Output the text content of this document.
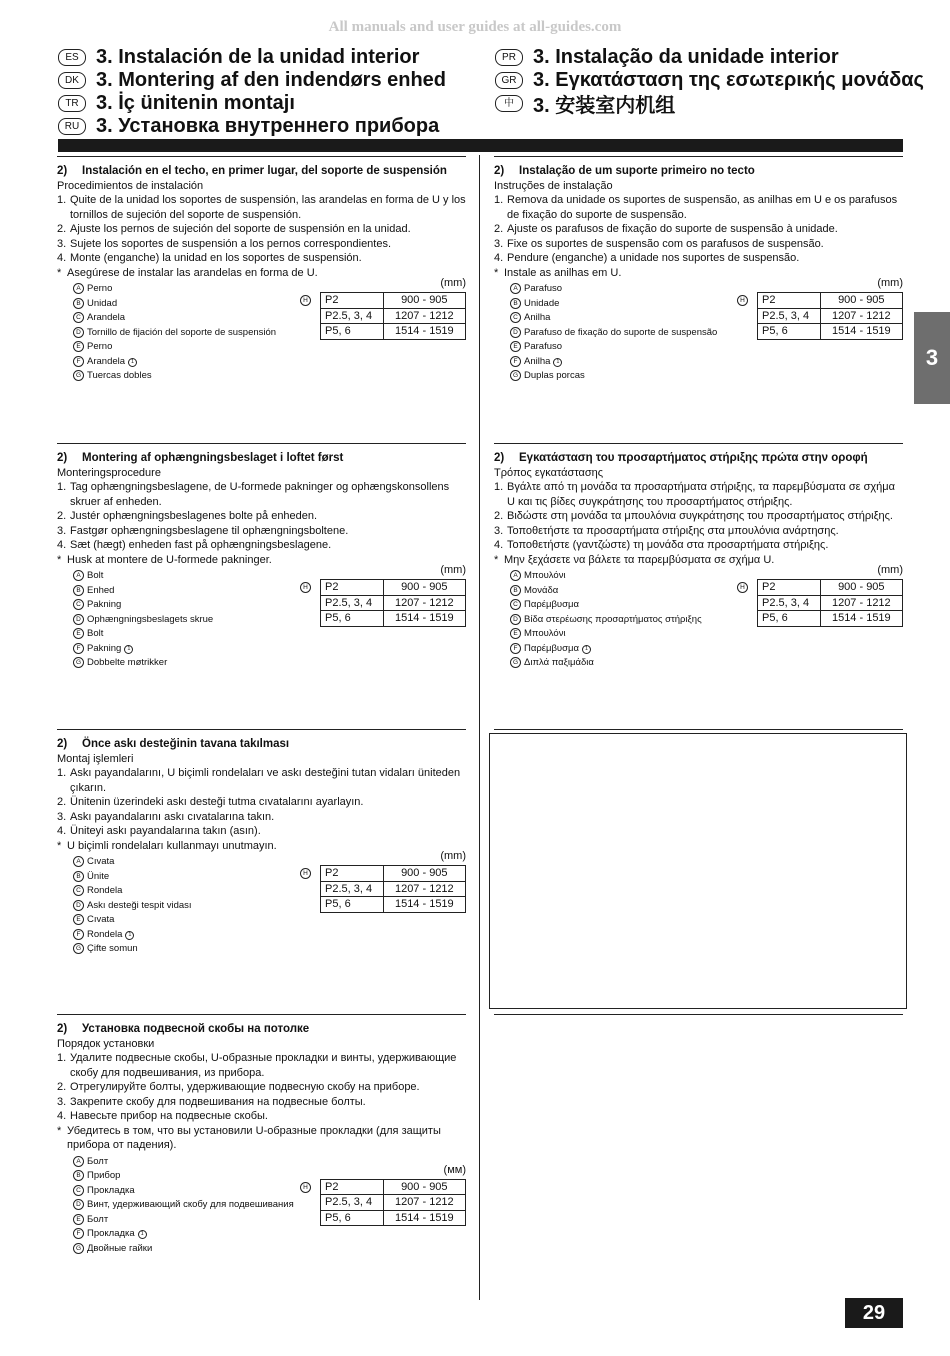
All manuals and user guides at all-guides.com
ES 3. Instalación de la unidad interior
DK 3. Montering af den indendørs enhed
TR 3. İç ünitenin montajı
RU 3. Установка внутреннего прибора
PR 3. Instalação da unidade interior
GR 3. Εγκατάσταση της εσωτερικής μονάδας
中 3. 安装室内机组
3
29
2)	Instalación en el techo, en primer lugar, del soporte de suspensión
Procedimientos de instalación
1. Quite de la unidad los soportes de suspensión, las arandelas en forma de U y los tornillos de sujeción del soporte de suspensión.
2. Ajuste los pernos de sujeción del soporte de suspensión en la unidad.
3. Sujete los soportes de suspensión a los pernos correspondientes.
4. Monte (enganche) la unidad en los soportes de suspensión.
* Asegúrese de instalar las arandelas en forma de U.
A Perno
B Unidad
C Arandela
D Tornillo de fijación del soporte de suspensión
E Perno
F Arandela 1
G Tuercas dobles
(mm)
H P2	900 - 905
P2.5, 3, 4	1207 - 1212
P5, 6	1514 - 1519
2)	Montering af ophængningsbeslaget i loftet først
Monteringsprocedure
1. Tag ophængningsbeslagene, de U-formede pakninger og ophængskonsollens skruer af enheden.
2. Justér ophængningsbeslagenes bolte på enheden.
3. Fastgør ophængningsbeslagene til ophængningsboltene.
4. Sæt (hægt) enheden fast på ophængningsbeslagene.
* Husk at montere de U-formede pakninger.
A Bolt
B Enhed
C Pakning
D Ophængningsbeslagets skrue
E Bolt
F Pakning 1
G Dobbelte møtrikker
(mm)
H P2	900 - 905
P2.5, 3, 4	1207 - 1212
P5, 6	1514 - 1519
2)	Önce askı desteğinin tavana takılması
Montaj işlemleri
1. Askı payandalarını, U biçimli rondelaları ve askı desteğini tutan vidaları üniteden çıkarın.
2. Ünitenin üzerindeki askı desteği tutma cıvatalarını ayarlayın.
3. Askı payandalarını askı cıvatalarına takın.
4. Üniteyi askı payandalarına takın (asın).
* U biçimli rondelaları kullanmayı unutmayın.
A Cıvata
B Ünite
C Rondela
D Askı desteği tespit vidası
E Cıvata
F Rondela 1
G Çifte somun
(mm)
H P2	900 - 905
P2.5, 3, 4	1207 - 1212
P5, 6	1514 - 1519
2)	Установка подвесной скобы на потолке
Порядок установки
1. Удалите подвесные скобы, U-образные прокладки и винты, удерживающие скобу для подвешивания, из прибора.
2. Отрегулируйте болты, удерживающие подвесную скобу на приборе.
3. Закрепите скобу для подвешивания на подвесные болты.
4. Навесьте прибор на подвесные скобы.
* Убедитесь в том, что вы установили U-образные прокладки (для защиты прибора от падения).
A Болт
B Прибор
C Прокладка
D Винт, удерживающий скобу для подвешивания
E Болт
F Прокладка 1
G Двойные гайки
(мм)
H P2	900 - 905
P2.5, 3, 4	1207 - 1212
P5, 6	1514 - 1519
2)	Instalação de um suporte primeiro no tecto
Instruções de instalação
1. Remova da unidade os suportes de suspensão, as anilhas em U e os parafusos de fixação do suporte de suspensão.
2. Ajuste os parafusos de fixação do suporte de suspensão à unidade.
3. Fixe os suportes de suspensão com os parafusos de suspensão.
4. Pendure (enganche) a unidade nos suportes de suspensão.
* Instale as anilhas em U.
A Parafuso
B Unidade
C Anilha
D Parafuso de fixação do suporte de suspensão
E Parafuso
F Anilha 1
G Duplas porcas
(mm)
H P2	900 - 905
P2.5, 3, 4	1207 - 1212
P5, 6	1514 - 1519
2)	Εγκατάσταση του προσαρτήματος στήριξης πρώτα στην οροφή
Τρόπος εγκατάστασης
1. Βγάλτε από τη μονάδα τα προσαρτήματα στήριξης, τα παρεμβύσματα σε σχήμα U και τις βίδες συγκράτησης του προσαρτήματος στήριξης.
2. Βιδώστε στη μονάδα τα μπουλόνια συγκράτησης του προσαρτήματος στήριξης.
3. Τοποθετήστε τα προσαρτήματα στήριξης στα μπουλόνια ανάρτησης.
4. Τοποθετήστε (γαντζώστε) τη μονάδα στα προσαρτήματα στήριξης.
* Μην ξεχάσετε να βάλετε τα παρεμβύσματα σε σχήμα U.
A Μπουλόνι
B Μονάδα
C Παρέμβυσμα
D Βίδα στερέωσης προσαρτήματος στήριξης
E Μπουλόνι
F Παρέμβυσμα 1
G Διπλά παξιμάδια
(mm)
H P2	900 - 905
P2.5, 3, 4	1207 - 1212
P5, 6	1514 - 1519
